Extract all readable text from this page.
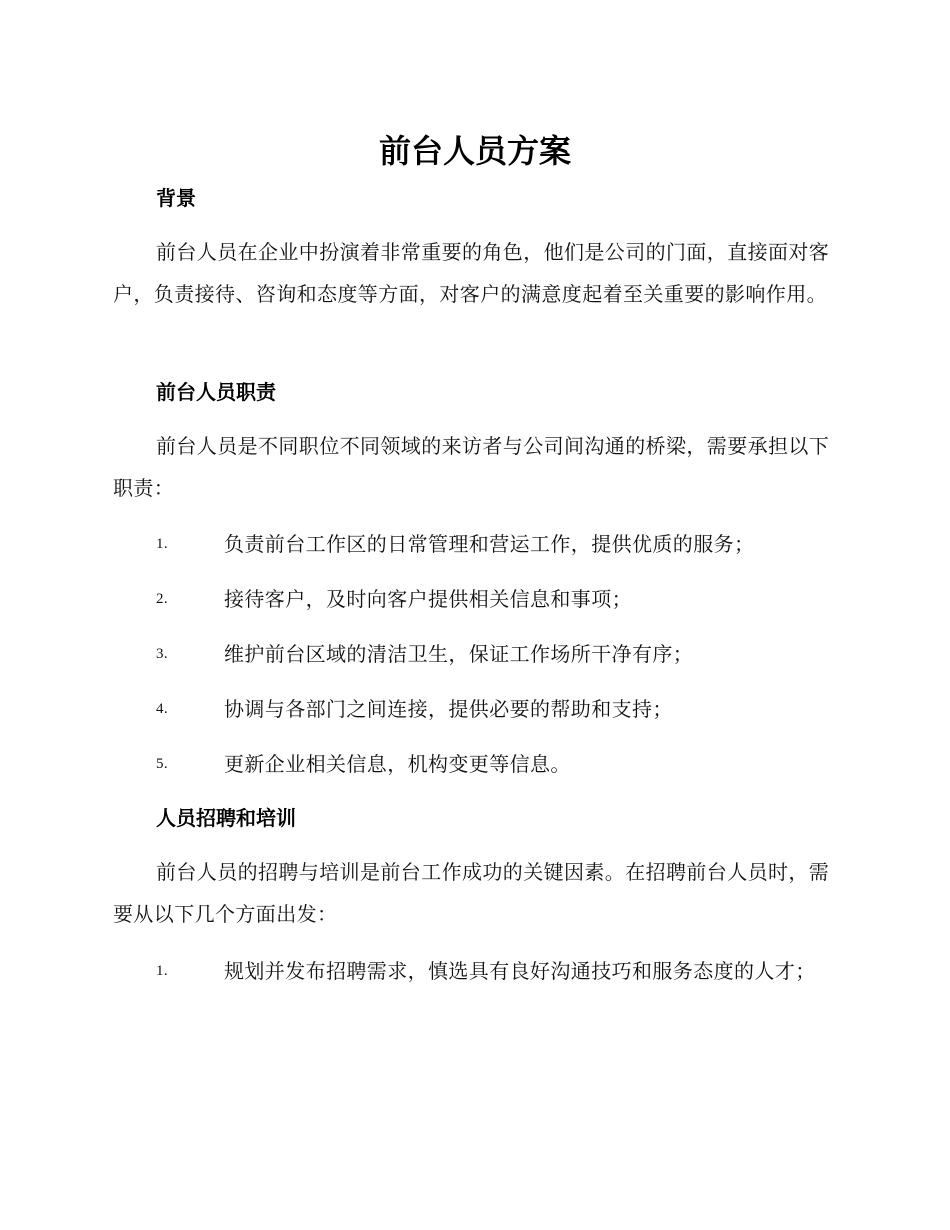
前台人员方案
背景

前台人员在企业中扮演着非常重要的角色，他们是公司的门面，直接面对客户，负责接待、咨询和态度等方面，对客户的满意度起着至关重要的影响作用。

前台人员职责

前台人员是不同职位不同领域的来访者与公司间沟通的桥梁，需要承担以下职责：

1.	负责前台工作区的日常管理和营运工作，提供优质的服务；
2.	接待客户，及时向客户提供相关信息和事项；
3.	维护前台区域的清洁卫生，保证工作场所干净有序；
4.	协调与各部门之间连接，提供必要的帮助和支持；
5.	更新企业相关信息，机构变更等信息。
人员招聘和培训

前台人员的招聘与培训是前台工作成功的关键因素。在招聘前台人员时，需要从以下几个方面出发：

1.	规划并发布招聘需求，慎选具有良好沟通技巧和服务态度的人才；
